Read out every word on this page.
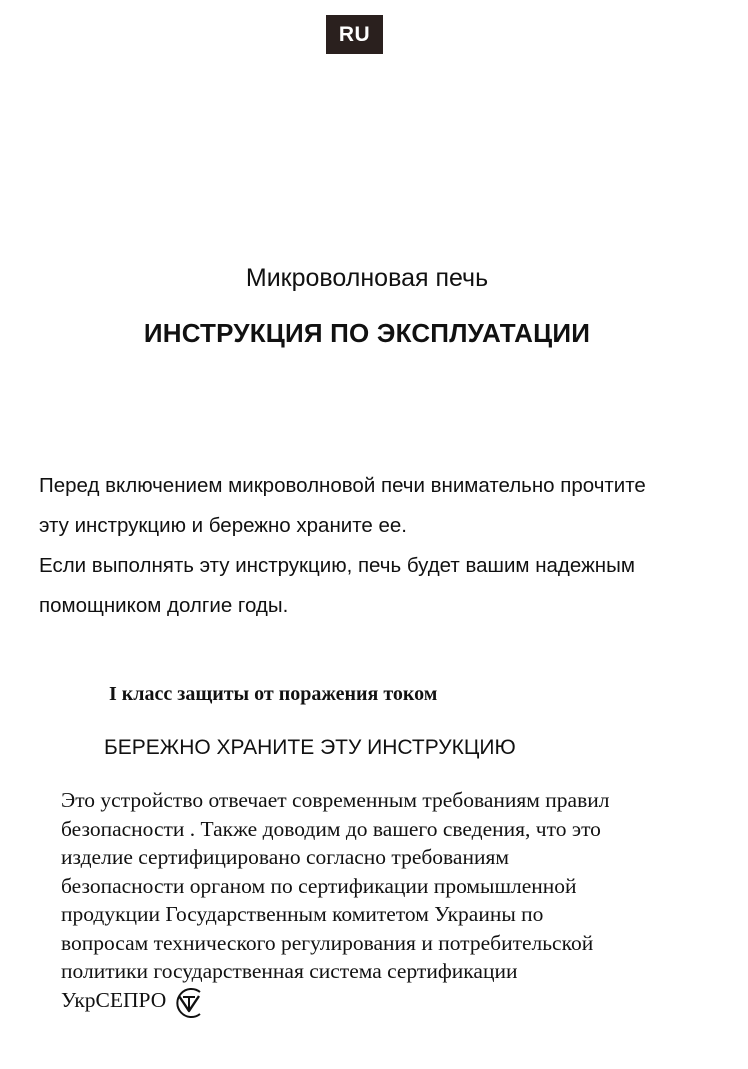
RU
Микроволновая печь
ИНСТРУКЦИЯ ПО ЭКСПЛУАТАЦИИ
Перед включением микроволновой печи внимательно прочтите
эту инструкцию и бережно храните ее.
Если выполнять эту инструкцию, печь будет вашим надежным
помощником долгие годы.
I класс защиты от поражения током
БЕРЕЖНО ХРАНИТЕ ЭТУ ИНСТРУКЦИЮ
Это устройство отвечает современным требованиям правил
безопасности . Также доводим до вашего сведения, что это
изделие сертифицировано согласно требованиям
безопасности органом по сертификации промышленной
продукции Государственным комитетом Украины по
вопросам технического регулирования и потребительской
политики государственная система сертификации
УкрСЕПРО
